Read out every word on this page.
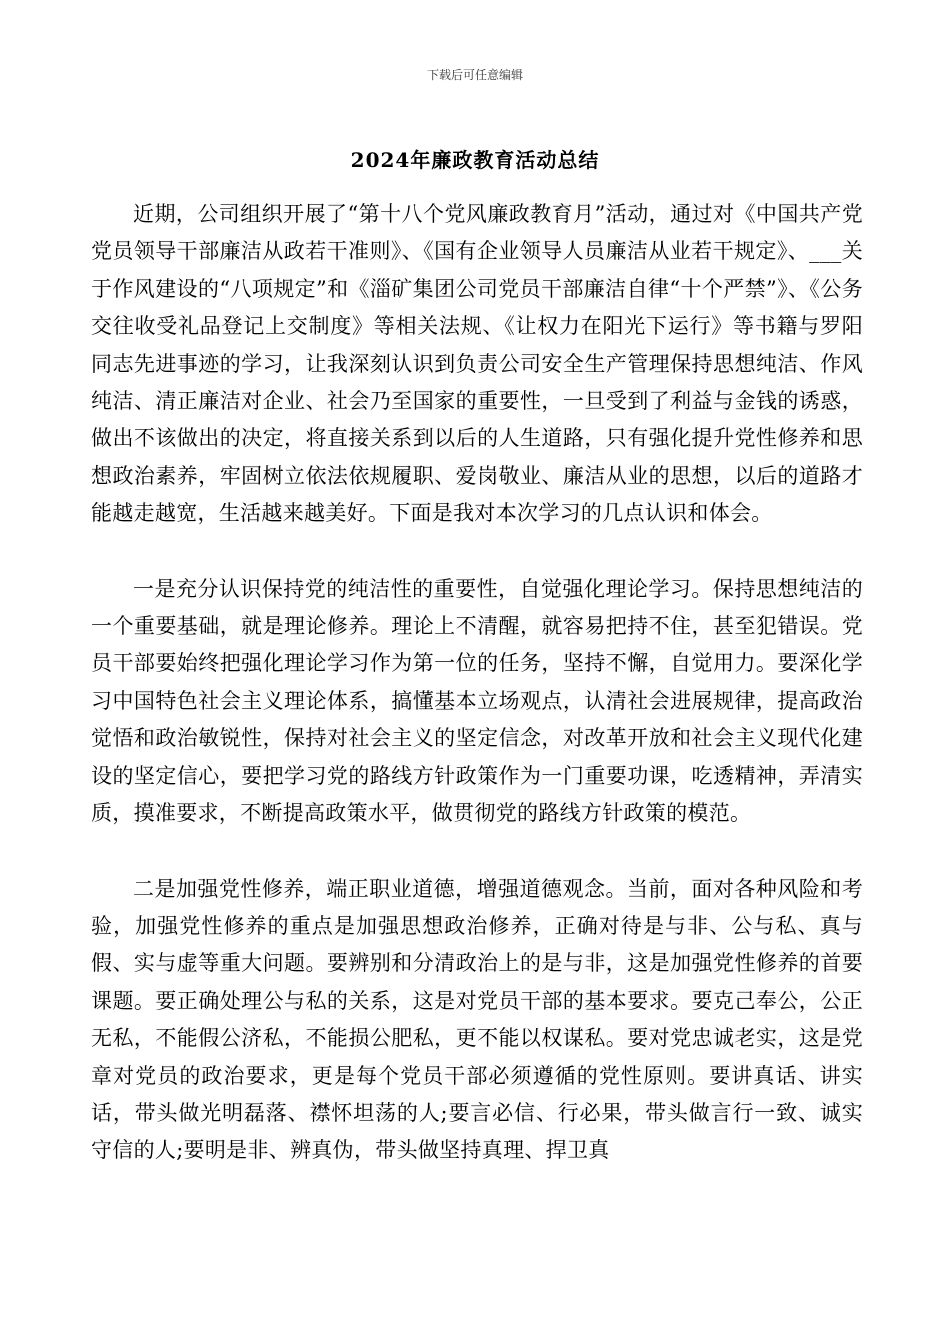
下载后可任意编辑
2024年廉政教育活动总结

近期，公司组织开展了“第十八个党风廉政教育月”活动，通过对《中国共产党党员领导干部廉洁从政若干准则》、《国有企业领导人员廉洁从业若干规定》、___关于作风建设的“八项规定”和《淄矿集团公司党员干部廉洁自律“十个严禁”》、《公务交往收受礼品登记上交制度》等相关法规、《让权力在阳光下运行》等书籍与罗阳同志先进事迹的学习，让我深刻认识到负责公司安全生产管理保持思想纯洁、作风纯洁、清正廉洁对企业、社会乃至国家的重要性，一旦受到了利益与金钱的诱惑，做出不该做出的决定，将直接关系到以后的人生道路，只有强化提升党性修养和思想政治素养，牢固树立依法依规履职、爱岗敬业、廉洁从业的思想，以后的道路才能越走越宽，生活越来越美好。下面是我对本次学习的几点认识和体会。

一是充分认识保持党的纯洁性的重要性，自觉强化理论学习。保持思想纯洁的一个重要基础，就是理论修养。理论上不清醒，就容易把持不住，甚至犯错误。党员干部要始终把强化理论学习作为第一位的任务，坚持不懈，自觉用力。要深化学习中国特色社会主义理论体系，搞懂基本立场观点，认清社会进展规律，提高政治觉悟和政治敏锐性，保持对社会主义的坚定信念，对改革开放和社会主义现代化建设的坚定信心，要把学习党的路线方针政策作为一门重要功课，吃透精神，弄清实质，摸准要求，不断提高政策水平，做贯彻党的路线方针政策的模范。

二是加强党性修养，端正职业道德，增强道德观念。当前，面对各种风险和考验，加强党性修养的重点是加强思想政治修养，正确对待是与非、公与私、真与假、实与虚等重大问题。要辨别和分清政治上的是与非，这是加强党性修养的首要课题。要正确处理公与私的关系，这是对党员干部的基本要求。要克己奉公，公正无私，不能假公济私，不能损公肥私，更不能以权谋私。要对党忠诚老实，这是党章对党员的政治要求，更是每个党员干部必须遵循的党性原则。要讲真话、讲实话，带头做光明磊落、襟怀坦荡的人;要言必信、行必果，带头做言行一致、诚实守信的人;要明是非、辨真伪，带头做坚持真理、捍卫真
